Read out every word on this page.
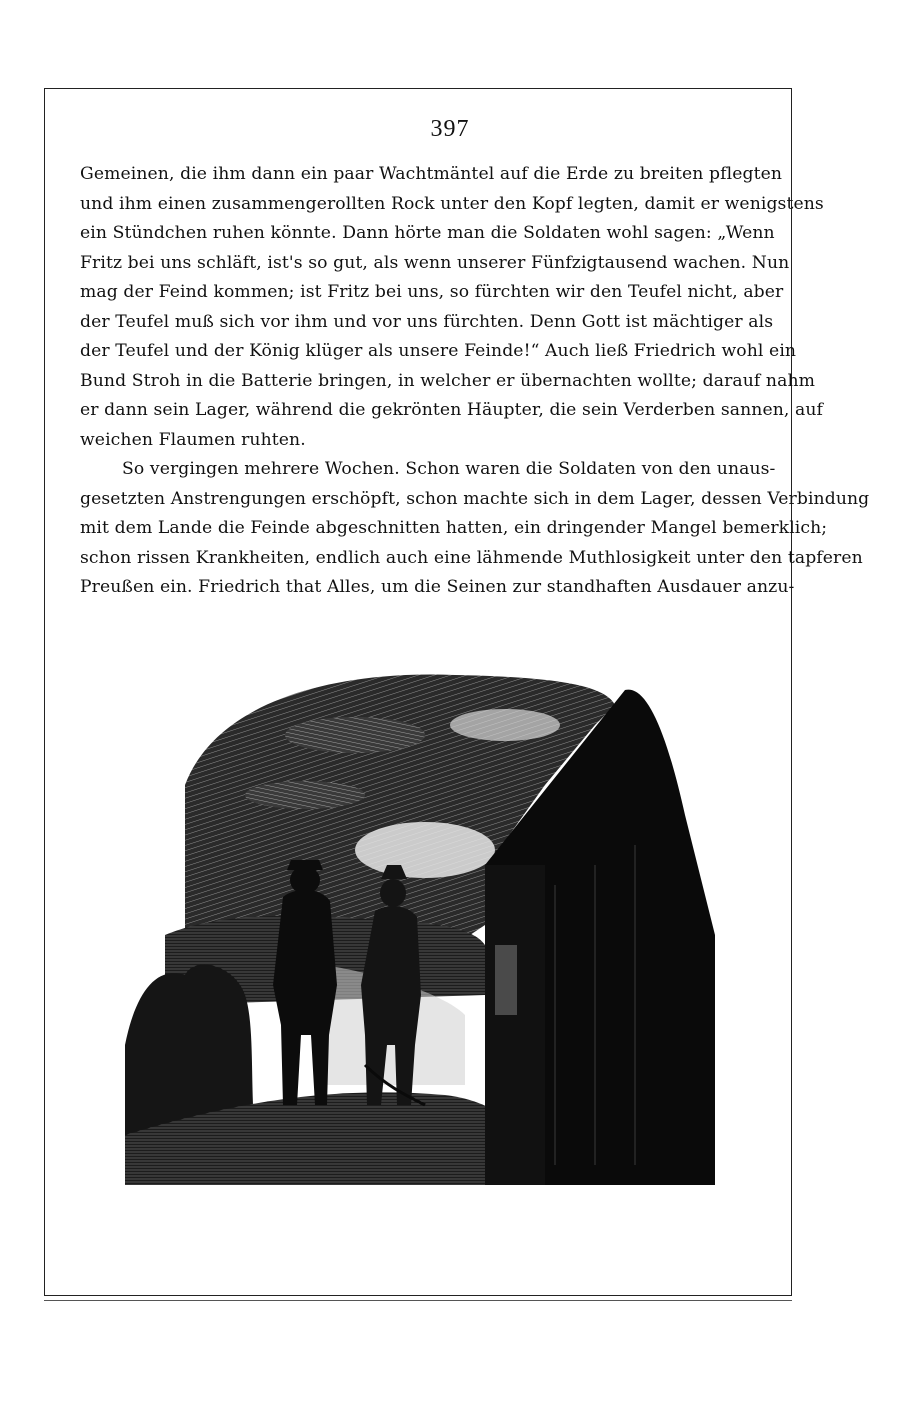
397
Gemeinen, die ihm dann ein paar Wachtmäntel auf die Erde zu breiten pflegten
und ihm einen zusammengerollten Rock unter den Kopf legten, damit er wenigstens
ein Stündchen ruhen könnte. Dann hörte man die Soldaten wohl sagen: „Wenn
Fritz bei uns schläft, ist's so gut, als wenn unserer Fünfzigtausend wachen. Nun
mag der Feind kommen; ist Fritz bei uns, so fürchten wir den Teufel nicht, aber
der Teufel muß sich vor ihm und vor uns fürchten. Denn Gott ist mächtiger als
der Teufel und der König klüger als unsere Feinde!“ Auch ließ Friedrich wohl ein
Bund Stroh in die Batterie bringen, in welcher er übernachten wollte; darauf nahm
er dann sein Lager, während die gekrönten Häupter, die sein Verderben sannen, auf
weichen Flaumen ruhten.
So vergingen mehrere Wochen. Schon waren die Soldaten von den unaus-
gesetzten Anstrengungen erschöpft, schon machte sich in dem Lager, dessen Verbindung
mit dem Lande die Feinde abgeschnitten hatten, ein dringender Mangel bemerklich;
schon rissen Krankheiten, endlich auch eine lähmende Muthlosigkeit unter den tapferen
Preußen ein. Friedrich that Alles, um die Seinen zur standhaften Ausdauer anzu-
